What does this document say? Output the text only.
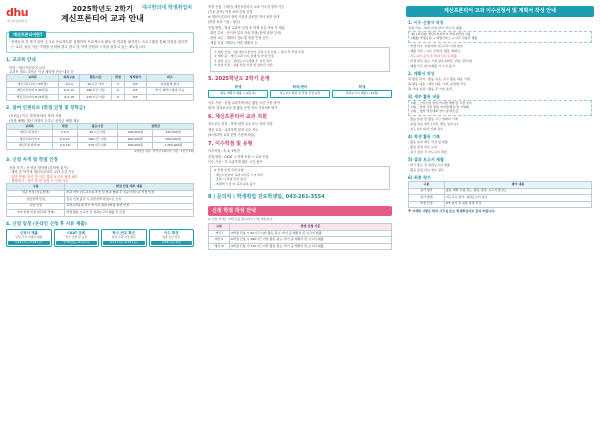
dhu
대구한의대학교
2025학년도 2학기
계신프론티어 교과 안내
대구한의대 학생취업처
계신프론티어란?
학생들의 전 학기 동안 수시로 프로젝트를 실행하여 프로젝트의 활동 및 결과를 평가하는 프로그램을 통해 학점을 취득하는 교과, 창업 기준 이하를 준비할 경우 참고 및 학생 응원의 구조를 갖추고 있는 제도입니다.
1. 교과목 안내
학점 : 계신프론티어 교과
교과목 개요: 2학년 이상 재학생 전공 대상 등
교과목	과목구분	활동시간	학점	성적평가	비고
계신프론티어 I (3학점)	3-0-0	90시간 이상	3	P/F	자유롭게 참여
계신프론티어 II (6학점)	6-0-12	180시간 이상	6	P/F	학기 재학시 참여 가능
계신프론티어 III (9학점)	9-0-18	270시간 이상	9	P/F	
2. 참여 인센티브 (학점 인정 및 장학금)
(지원금) 이수 학점에 따라 장학 지원
(장학 혜택) 계신 학생이 등록금 장학금 혜택 제공
교과목	학점	필요시간	장학금	
계신프론티어 I	3-0-0	90시간 이상	300,000원	450,000원
계신프론티어 II	6-0-12	180시간 이상	600,000원	900,000원
계신프론티어 III	9-0-18	270시간 이상	900,000원	1,350,000원
※장학금 지원 : 학기당 1회(이수 기준 : 1인당 1회)
3. 신청 자격 및 학점 인정
신청 자격 : 전 학년 재학생 (휴학생 불가)
- 재학 중 학기에 계신프론티어 교과 수강 가능
- 일반 학생: 학기 중 이수 결과 보고서 제출 필수
- 계절학기 : 학기 중 미 신청 시 신청 가능
구분	학점 인정 세부 내용
전공 인정 (전공선택)	학과 학부 지도교수의 추천 및 학과 협의 후 전공선택으로 학점 인정
일반선택 인정	전공 인정 불가 시 일반선택 학점으로 인정
교양 인정	교양교과목의 경우 학기당 최대 3학점 까지 인정
기타 학점 인정 (비교과 연계)	학생 활동 보고서 및 결과보고서 제출 후 인정
4. 신청 일정 (온라인 신청 후 서류 제출)
신청서 제출
담당 부서 이메일 제출
5.21.(수)~5.23.(금)
CKAT 등록
학수 조회 및 등록
5.26.(월)~6.4.(수)
학수 번호 확인
학과 교과 과정 확인
6.11.(수)~6.13.(금)
이수 확정
최종 승인 알림
6.26.(목) 예정
학점 신청 : (계신) 계신프론티어 교과 이수자 장학 가능
(기존 과목) 학점 처리 인정 신청
※ 계신프론티어 장학 기준과 관련한 학사 처리 안내
(학점 처리 기준 : 필수)
신청 방법 : 학과 교과목 신청 후 학생 서류 작성 후 제출
- 희망 부서 : 사이버 일지 작성 진행 (학생 담당 부서)
- 담당 교수 : 계획서 검토 및 학점 인정 승인
- 제출 서류: 계획서, 학습 계획서 등
① 계신 신청 : 1월 계신프론티어 교과 수강 신청 ~ 참여 후 학점 인정
② 재학 중 : 계신 교과 이수 진행 및 학점 인정
③ 결과 보고 : 결과보고서 제출 후 성적 처리
④ 학점 인정 : 최종 학점 인정 및 장학금 지원
5. 2025학년도 2학기 운영
학생
활동 계획서 제출 (~9월 중)
학과/센터
지도교수 배정 및 학점 인정 승인
학생
결과보고서 제출 (~12월)
이수 기준 : 신청 교과목에 따른 활동 시간 이상 참여
평가: 결과보고서 및 활동 증빙 자료 기준 P/F 평가
6. 계신프론티어 교과 지원
지도교수 지정 : 학생 희망 교수 또는 학과 지정
계신 교과 : 교과목별 담당 교수 지도
(※ 학과별 교과 운영 기준에 따름)
7. 이수학점 및 유형
이수학점 : 3, 6, 9학점
신청 방법 : CKAT → 학생 포털 → 교과 신청
이수 기준 : 각 교과목별 활동 시간 충족
※ 학점 인정 주의 사항
- 계신프론티어 교과 미이수 시 F 처리
- 휴학 시 학점 인정 불가
- 계절학기 및 타 교과 중복 불가
8 | 문의처 : 학생취업 진로학생팀, 043-261-3554
신청 학점 작성 안내
※ 신청 자격은 아래 표를 참고하여 신청 바랍니다.
구분	학점 신청 기준
계신 I	3학점 신청 시 90시간 이상 활동 필요, 학기 중 계획서 및 보고서 제출
계신 II	6학점 신청 시 180시간 이상 활동 필요, 학기 중 계획서 및 보고서 제출
계신 III	9학점 신청 시 270시간 이상 활동 필요, 학기 중 계획서 및 보고서 제출
계신프론티어 교과 이수신청서 및 계획서 작성 안내
1. 이수 신청서 작성
신청 서류 : 학과 지정 양식 작성 후 제출
예) (과목명) 계신프론티어 II 학점 (학번) 이름
(제출) 학생포털 → 학생서비스 → 이수 신청서 제출
- 학생 이수 신청서에 지도교수 서명 필수
- 제출 서류 : 이수 신청서, 활동 계획서
- 지도교수 승인 후 학과 사무실 제출
- 학생 개인 정보 기재 필수 (학번, 성명, 연락처)
- 제출 기간 내 미제출 시 수강 불가
2. 계획서 작성
1) 활동 목적 : 활동 목표, 주요 활동 내용 기재
2) 활동 내용 : 세부 내용 기재, 일정별 작성
3) 기대 효과 : 활동 후 기대 효과
3) 세부 활동 내용
(예) _ 스타트업 창업 아이템 개발 및 시장 조사
(예) _ 지역 기반 창업 아이템 발굴 및 사업화
(예) _ 창업 경진대회 참가 및 멘토링
- 활동 일정 및 활동 시간 명확히 기재
- 증빙 자료 첨부 (사진, 활동 일지 등)
- 지도교수 의견 기재 필수
4) 학생 활동 기록
- 활동 일지 매주 작성 및 제출
- 활동 증빙 자료 보관
- 중간 점검 시 지도교수 면담
5) 결과 보고서 제출
- 학기 종료 전 결과보고서 제출
- 활동 증빙 자료 첨부 필수
6) 최종 평가
구분	평가 내용
평가 항목	활동 계획 이행 정도, 활동 결과, 보고서 충실도
평가 방법	지도교수 평가, 결과보고서 심사
학점 인정	P/F 평가 후 최종 학점 인정
※ 자세한 사항은 학과 사무실 또는 학생취업처로 문의 바랍니다.
